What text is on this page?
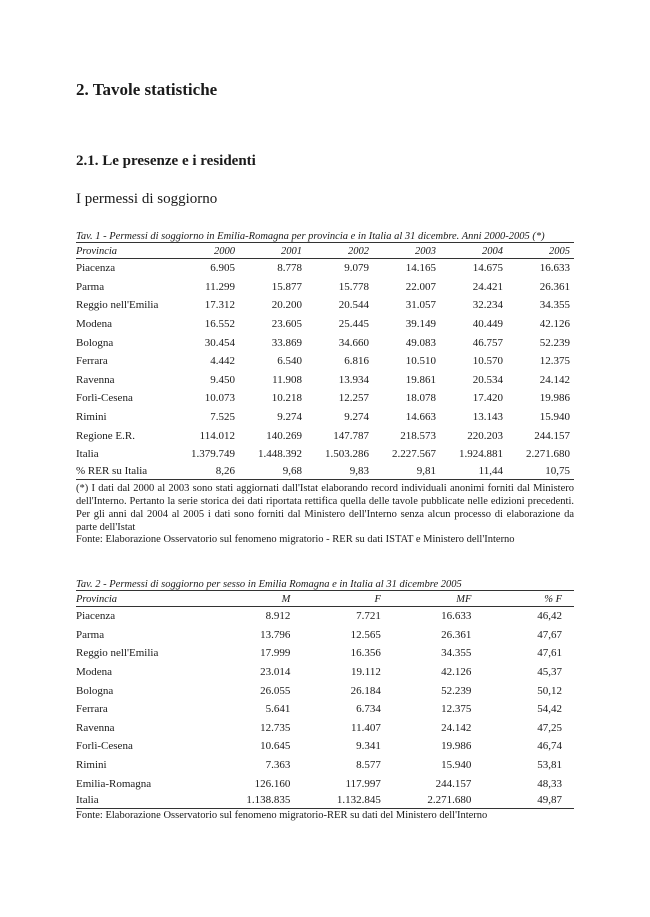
2. Tavole statistiche
2.1. Le presenze e i residenti
I permessi di soggiorno
Tav. 1 - Permessi di soggiorno in Emilia-Romagna per provincia e in Italia al 31 dicembre. Anni 2000-2005 (*)
Provincia	2000	2001	2002	2003	2004	2005
Piacenza	6.905	8.778	9.079	14.165	14.675	16.633
Parma	11.299	15.877	15.778	22.007	24.421	26.361
Reggio nell'Emilia	17.312	20.200	20.544	31.057	32.234	34.355
Modena	16.552	23.605	25.445	39.149	40.449	42.126
Bologna	30.454	33.869	34.660	49.083	46.757	52.239
Ferrara	4.442	6.540	6.816	10.510	10.570	12.375
Ravenna	9.450	11.908	13.934	19.861	20.534	24.142
Forlì-Cesena	10.073	10.218	12.257	18.078	17.420	19.986
Rimini	7.525	9.274	9.274	14.663	13.143	15.940
Regione E.R.	114.012	140.269	147.787	218.573	220.203	244.157
Italia	1.379.749	1.448.392	1.503.286	2.227.567	1.924.881	2.271.680
% RER su Italia	8,26	9,68	9,83	9,81	11,44	10,75
(*) I dati dal 2000 al 2003 sono stati aggiornati dall'Istat elaborando record individuali anonimi forniti dal Ministero dell'Interno. Pertanto la serie storica dei dati riportata rettifica quella delle tavole pubblicate nelle edizioni precedenti. Per gli anni dal 2004 al 2005 i dati sono forniti dal Ministero dell'Interno senza alcun processo di elaborazione da parte dell'Istat
Fonte: Elaborazione Osservatorio sul fenomeno migratorio - RER su dati ISTAT e Ministero dell'Interno
Tav. 2 - Permessi di soggiorno per sesso in Emilia Romagna e in Italia al 31 dicembre 2005
Provincia	M	F	MF	% F
Piacenza	8.912	7.721	16.633	46,42
Parma	13.796	12.565	26.361	47,67
Reggio nell'Emilia	17.999	16.356	34.355	47,61
Modena	23.014	19.112	42.126	45,37
Bologna	26.055	26.184	52.239	50,12
Ferrara	5.641	6.734	12.375	54,42
Ravenna	12.735	11.407	24.142	47,25
Forlì-Cesena	10.645	9.341	19.986	46,74
Rimini	7.363	8.577	15.940	53,81
Emilia-Romagna	126.160	117.997	244.157	48,33
Italia	1.138.835	1.132.845	2.271.680	49,87
Fonte: Elaborazione Osservatorio sul fenomeno migratorio-RER su dati del Ministero dell'Interno
